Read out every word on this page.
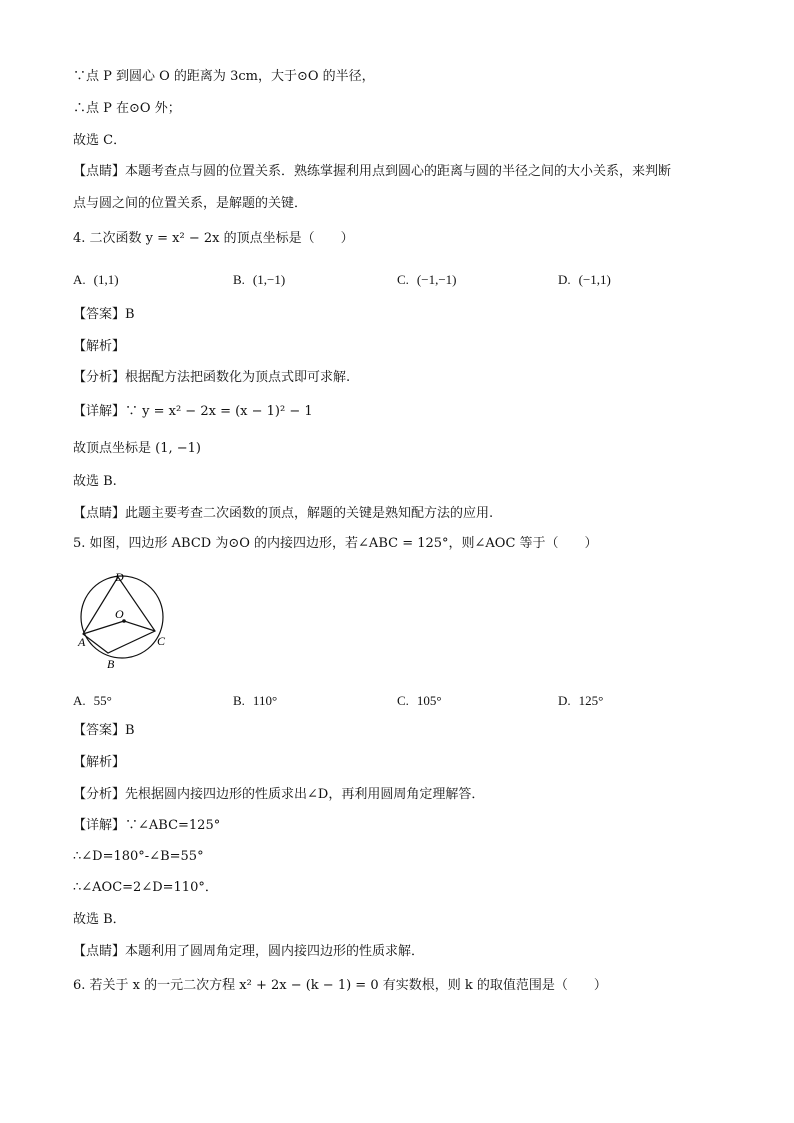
∵点 P 到圆心 O 的距离为 3cm，大于⊙O 的半径，
∴点 P 在⊙O 外；
故选 C．
【点睛】本题考查点与圆的位置关系．熟练掌握利用点到圆心的距离与圆的半径之间的大小关系，来判断
点与圆之间的位置关系，是解题的关键．
4. 二次函数 y = x² − 2x 的顶点坐标是（　　）
A. (1,1)	B. (1,−1)	C. (−1,−1)	D. (−1,1)
【答案】B
【解析】
【分析】根据配方法把函数化为顶点式即可求解.
【详解】∵ y = x² − 2x = (x − 1)² − 1
故顶点坐标是 (1, −1)
故选 B.
【点睛】此题主要考查二次函数的顶点，解题的关键是熟知配方法的应用.
5. 如图，四边形 ABCD 为⊙O 的内接四边形，若∠ABC = 125°，则∠AOC 等于（　　）
D
O
A
B
C
A. 55°	B. 110°	C. 105°	D. 125°
【答案】B
【解析】
【分析】先根据圆内接四边形的性质求出∠D，再利用圆周角定理解答．
【详解】∵∠ABC=125°
∴∠D=180°-∠B=55°
∴∠AOC=2∠D=110°．
故选 B．
【点睛】本题利用了圆周角定理，圆内接四边形的性质求解．
6. 若关于 x 的一元二次方程 x² + 2x − (k − 1) = 0 有实数根，则 k 的取值范围是（　　）
